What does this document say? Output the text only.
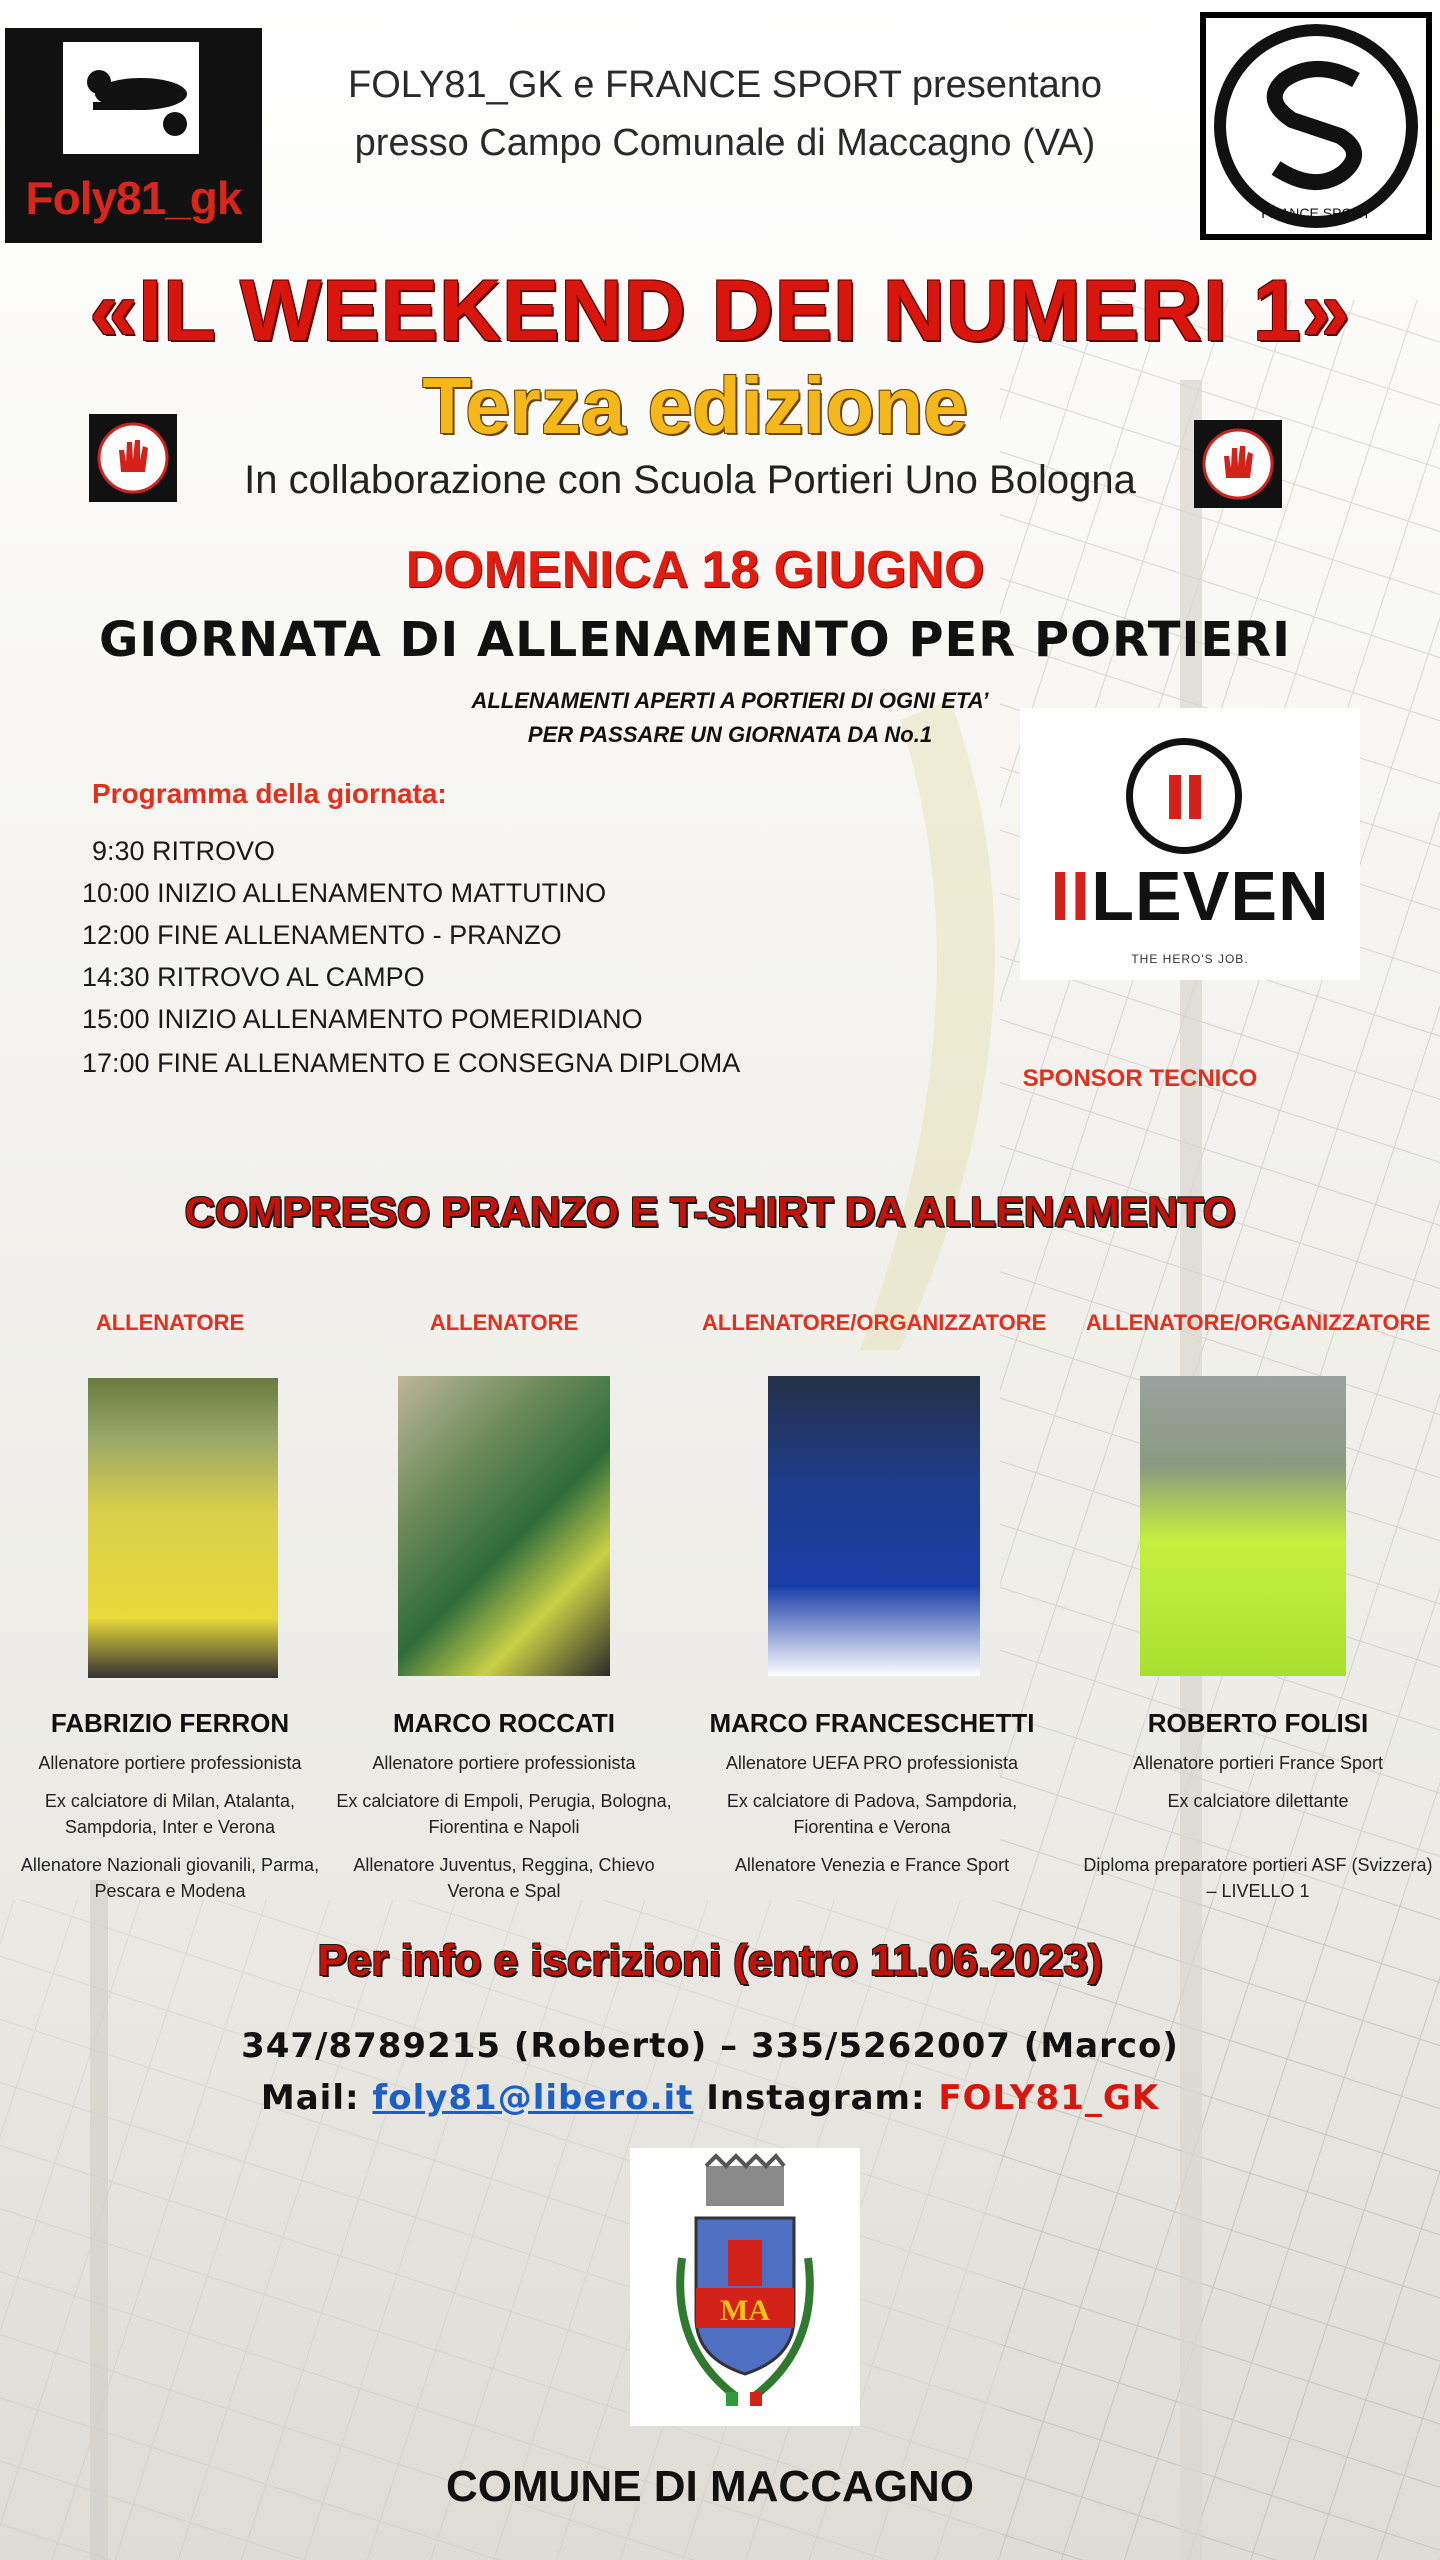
Foly81_gk	FRANCE SPORT
FOLY81_GK e FRANCE SPORT presentano
presso Campo Comunale di Maccagno (VA)
«IL WEEKEND DEI NUMERI 1»
Terza edizione
In collaborazione con Scuola Portieri Uno Bologna
DOMENICA 18 GIUGNO
GIORNATA DI ALLENAMENTO PER PORTIERI
ALLENAMENTI APERTI A PORTIERI DI OGNI ETA’
PER PASSARE UN GIORNATA DA No.1
Programma della giornata:
9:30 RITROVO
10:00 INIZIO ALLENAMENTO MATTUTINO
12:00 FINE ALLENAMENTO - PRANZO
14:30 RITROVO AL CAMPO
15:00 INIZIO ALLENAMENTO POMERIDIANO
17:00 FINE ALLENAMENTO E CONSEGNA DIPLOMA
IILEVEN
THE HERO'S JOB.
SPONSOR TECNICO
COMPRESO PRANZO E T-SHIRT DA ALLENAMENTO
ALLENATORE
FABRIZIO FERRON
Allenatore portiere professionista
Ex calciatore di Milan, Atalanta, Sampdoria, Inter e Verona
Allenatore Nazionali giovanili, Parma, Pescara e Modena
ALLENATORE
MARCO ROCCATI
Allenatore portiere professionista
Ex calciatore di Empoli, Perugia, Bologna, Fiorentina e Napoli
Allenatore Juventus, Reggina, Chievo Verona e Spal
ALLENATORE/ORGANIZZATORE
MARCO FRANCESCHETTI
Allenatore UEFA PRO professionista
Ex calciatore di Padova, Sampdoria, Fiorentina e Verona
Allenatore Venezia e France Sport
ALLENATORE/ORGANIZZATORE
ROBERTO FOLISI
Allenatore portieri France Sport
Ex calciatore dilettante
Diploma preparatore portieri ASF (Svizzera) – LIVELLO 1
Per info e iscrizioni (entro 11.06.2023)
347/8789215 (Roberto) – 335/5262007 (Marco)
Mail: foly81@libero.it Instagram: FOLY81_GK
MA
COMUNE DI MACCAGNO
